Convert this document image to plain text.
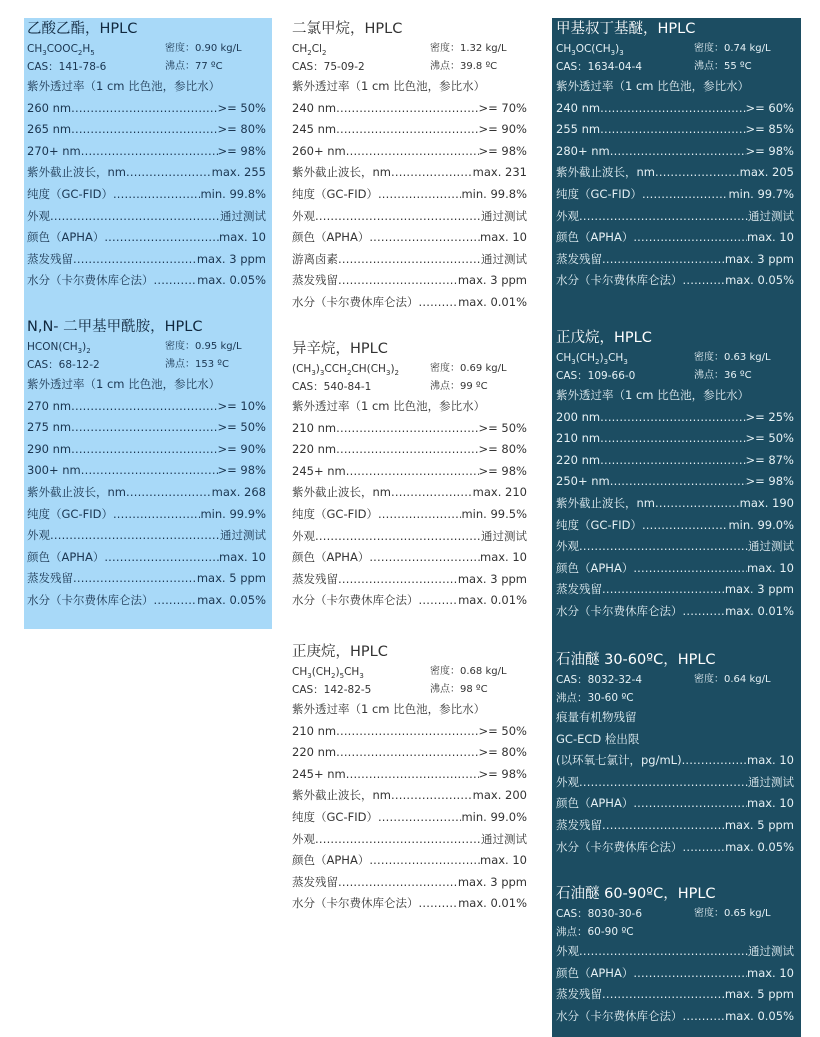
乙酸乙酯，HPLC
$CH_3COOC_2H_5$	密度：0.90 kg/L
CAS：141-78-6	沸点：77 ºC
紫外透过率（1 cm 比色池，参比水）
260 nm .....	>= 50%
265 nm .....	>= 80%
270+ nm .....	>= 98%
紫外截止波长，nm .....	max. 255
纯度（GC-FID） .....	min. 99.8%
外观 .....	通过测试
颜色（APHA） .....	max. 10
蒸发残留 .....	max. 3 ppm
水分（卡尔费休库仑法） .....	max. 0.05%
N,N- 二甲基甲酰胺，HPLC
$HCON(CH_3)_2$	密度：0.95 kg/L
CAS：68-12-2	沸点：153 ºC
紫外透过率（1 cm 比色池，参比水）
270 nm .....	>= 10%
275 nm .....	>= 50%
290 nm .....	>= 90%
300+ nm .....	>= 98%
紫外截止波长，nm .....	max. 268
纯度（GC-FID） .....	min. 99.9%
外观 .....	通过测试
颜色（APHA） .....	max. 10
蒸发残留 .....	max. 5 ppm
水分（卡尔费休库仑法） .....	max. 0.05%
二氯甲烷，HPLC
$CH_2Cl_2$	密度：1.32 kg/L
CAS：75-09-2	沸点：39.8 ºC
紫外透过率（1 cm 比色池，参比水）
240 nm .....	>= 70%
245 nm .....	>= 90%
260+ nm .....	>= 98%
紫外截止波长，nm .....	max. 231
纯度（GC-FID） .....	min. 99.8%
外观 .....	通过测试
颜色（APHA） .....	max. 10
游离卤素 .....	通过测试
蒸发残留 .....	max. 3 ppm
水分（卡尔费休库仑法） .....	max. 0.01%
异辛烷，HPLC
$(CH_3)_3CCH_2CH(CH_3)_2$	密度：0.69 kg/L
CAS：540-84-1	沸点：99 ºC
紫外透过率（1 cm 比色池，参比水）
210 nm .....	>= 50%
220 nm .....	>= 80%
245+ nm .....	>= 98%
紫外截止波长，nm .....	max. 210
纯度（GC-FID） .....	min. 99.5%
外观 .....	通过测试
颜色（APHA） .....	max. 10
蒸发残留 .....	max. 3 ppm
水分（卡尔费休库仑法） .....	max. 0.01%
正庚烷，HPLC
$CH_3(CH_2)_5CH_3$	密度：0.68 kg/L
CAS：142-82-5	沸点：98 ºC
紫外透过率（1 cm 比色池，参比水）
210 nm .....	>= 50%
220 nm .....	>= 80%
245+ nm .....	>= 98%
紫外截止波长，nm .....	max. 200
纯度（GC-FID） .....	min. 99.0%
外观 .....	通过测试
颜色（APHA） .....	max. 10
蒸发残留 .....	max. 3 ppm
水分（卡尔费休库仑法） .....	max. 0.01%
甲基叔丁基醚，HPLC
$CH_3OC(CH_3)_3$	密度：0.74 kg/L
CAS：1634-04-4	沸点：55 ºC
紫外透过率（1 cm 比色池，参比水）
240 nm .....	>= 60%
255 nm .....	>= 85%
280+ nm .....	>= 98%
紫外截止波长，nm .....	max. 205
纯度（GC-FID） .....	min. 99.7%
外观 .....	通过测试
颜色（APHA） .....	max. 10
蒸发残留 .....	max. 3 ppm
水分（卡尔费休库仑法） .....	max. 0.05%
正戊烷，HPLC
$CH_3(CH_2)_3CH_3$	密度：0.63 kg/L
CAS：109-66-0	沸点：36 ºC
紫外透过率（1 cm 比色池，参比水）
200 nm .....	>= 25%
210 nm .....	>= 50%
220 nm .....	>= 87%
250+ nm .....	>= 98%
紫外截止波长，nm .....	max. 190
纯度（GC-FID） .....	min. 99.0%
外观 .....	通过测试
颜色（APHA） .....	max. 10
蒸发残留 .....	max. 3 ppm
水分（卡尔费休库仑法） .....	max. 0.01%
石油醚 30-60ºC，HPLC
CAS：8032-32-4	密度：0.64 kg/L
沸点：30-60 ºC
痕量有机物残留
GC-ECD 检出限
(以环氧七氯计，pg/mL) .....	max. 10
外观 .....	通过测试
颜色（APHA） .....	max. 10
蒸发残留 .....	max. 5 ppm
水分（卡尔费休库仑法） .....	max. 0.05%
石油醚 60-90ºC，HPLC
CAS：8030-30-6	密度：0.65 kg/L
沸点：60-90 ºC
外观 .....	通过测试
颜色（APHA） .....	max. 10
蒸发残留 .....	max. 5 ppm
水分（卡尔费休库仑法） .....	max. 0.05%
